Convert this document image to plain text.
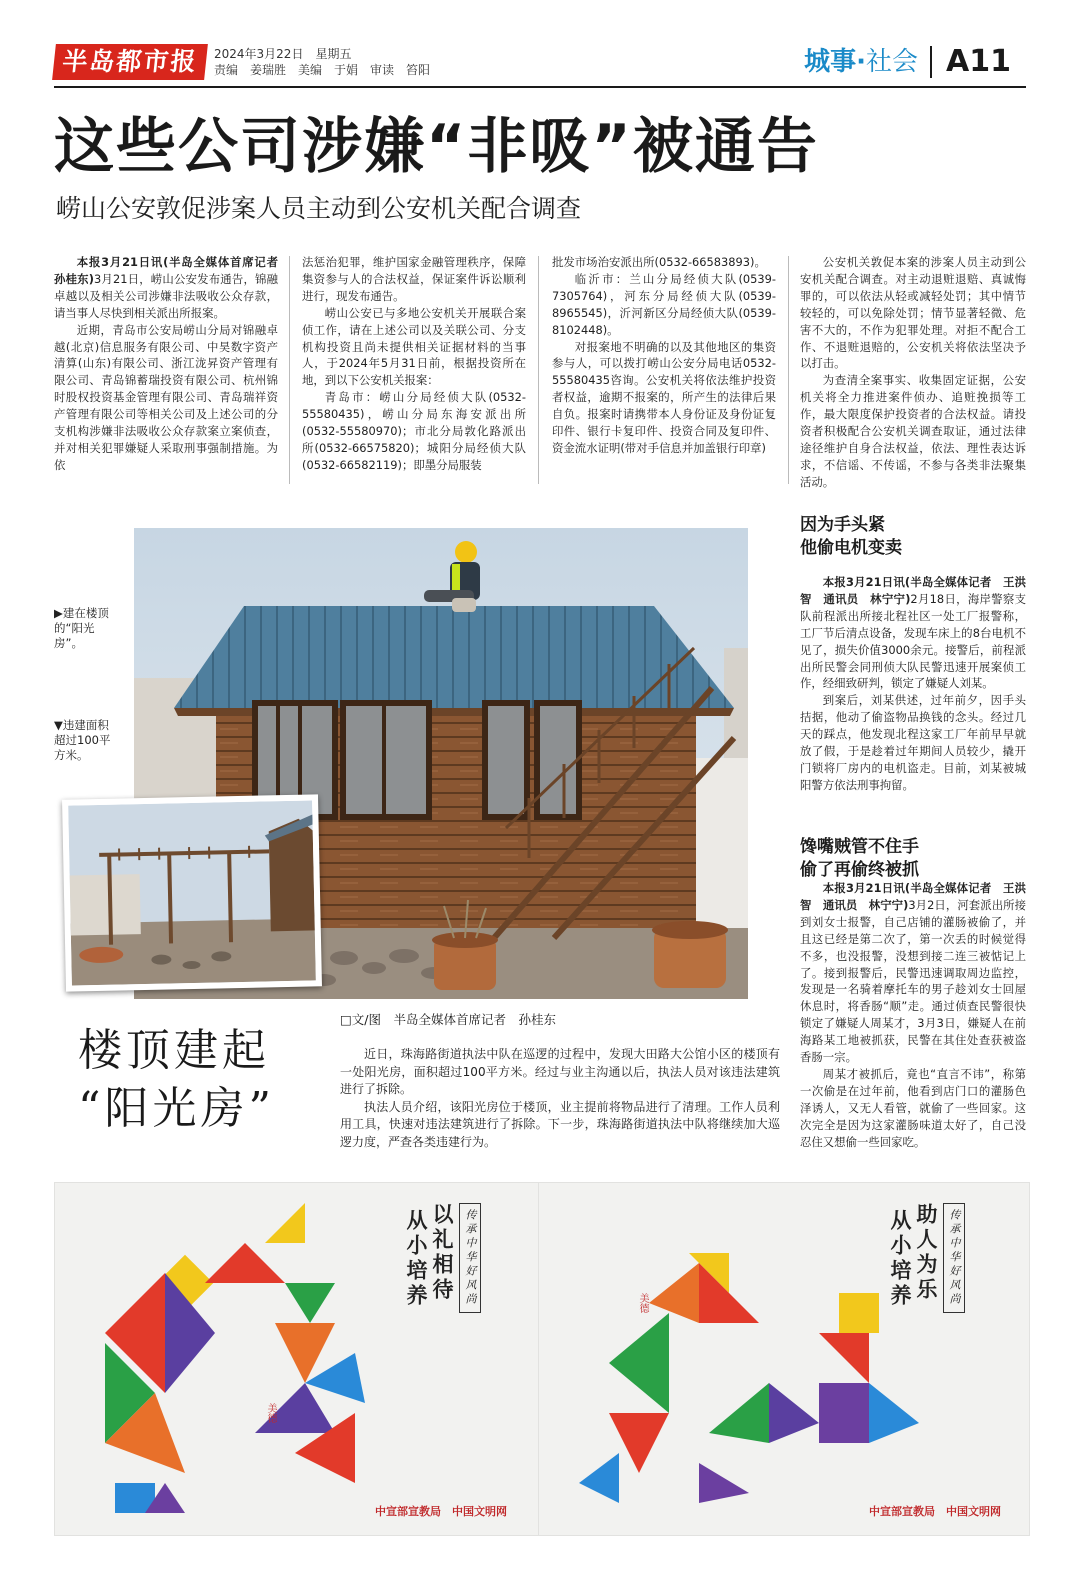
半岛都市报	2024年3月22日　星期五
责编　姜瑞胜　美编　于娟　审读　笞阳	城事·社会 A11
这些公司涉嫌“非吸”被通告
崂山公安敦促涉案人员主动到公安机关配合调查

本报3月21日讯(半岛全媒体首席记者　孙桂东)3月21日，崂山公安发布通告，锦融卓越以及相关公司涉嫌非法吸收公众存款，请当事人尽快到相关派出所报案。

近期，青岛市公安局崂山分局对锦融卓越(北京)信息服务有限公司、中昊数字资产清算(山东)有限公司、浙江泷昇资产管理有限公司、青岛锦蓄瑞投资有限公司、杭州锦时股权投资基金管理有限公司、青岛瑞祥资产管理有限公司等相关公司及上述公司的分支机构涉嫌非法吸收公众存款案立案侦查，并对相关犯罪嫌疑人采取刑事强制措施。为依

法惩治犯罪，维护国家金融管理秩序，保障集资参与人的合法权益，保证案件诉讼顺利进行，现发布通告。

崂山公安已与多地公安机关开展联合案侦工作，请在上述公司以及关联公司、分支机构投资且尚未提供相关证据材料的当事人，于2024年5月31日前，根据投资所在地，到以下公安机关报案：

青岛市：崂山分局经侦大队(0532-55580435)，崂山分局东海安派出所(0532-55580970)；市北分局敦化路派出所(0532-66575820)；城阳分局经侦大队(0532-66582119)；即墨分局服装

批发市场治安派出所(0532-66583893)。

临沂市：兰山分局经侦大队(0539-7305764)，河东分局经侦大队(0539-8965545)，沂河新区分局经侦大队(0539-8102448)。

对报案地不明确的以及其他地区的集资参与人，可以拨打崂山公安分局电话0532-55580435咨询。公安机关将依法维护投资者权益，逾期不报案的，所产生的法律后果自负。报案时请携带本人身份证及身份证复印件、银行卡复印件、投资合同及复印件、资金流水证明(带对手信息并加盖银行印章)

公安机关敦促本案的涉案人员主动到公安机关配合调查。对主动退赃退赔、真诚悔罪的，可以依法从轻或减轻处罚；其中情节较轻的，可以免除处罚；情节显著轻微、危害不大的，不作为犯罪处理。对拒不配合工作、不退赃退赔的，公安机关将依法坚决予以打击。

为查清全案事实、收集固定证据，公安机关将全力推进案件侦办、追赃挽损等工作，最大限度保护投资者的合法权益。请投资者积极配合公安机关调查取证，通过法律途径维护自身合法权益，依法、理性表达诉求，不信谣、不传谣，不参与各类非法聚集活动。

因为手头紧
他偷电机变卖

本报3月21日讯(半岛全媒体记者　王洪智　通讯员　林宁宁)2月18日，海岸警察支队前程派出所接北程社区一处工厂报警称，工厂节后清点设备，发现车床上的8台电机不见了，损失价值3000余元。接警后，前程派出所民警会同刑侦大队民警迅速开展案侦工作，经细致研判，锁定了嫌疑人刘某。

到案后，刘某供述，过年前夕，因手头拮据，他动了偷盗物品换钱的念头。经过几天的踩点，他发现北程这家工厂年前早早就放了假，于是趁着过年期间人员较少，撬开门锁将厂房内的电机盗走。目前，刘某被城阳警方依法刑事拘留。

馋嘴贼管不住手
偷了再偷终被抓

本报3月21日讯(半岛全媒体记者　王洪智　通讯员　林宁宁)3月2日，河套派出所接到刘女士报警，自己店铺的灌肠被偷了，并且这已经是第二次了，第一次丢的时候觉得不多，也没报警，没想到接二连三被惦记上了。接到报警后，民警迅速调取周边监控，发现是一名骑着摩托车的男子趁刘女士回屋休息时，将香肠“顺”走。通过侦查民警很快锁定了嫌疑人周某才，3月3日，嫌疑人在前海路某工地被抓获，民警在其住处查获被盗香肠一宗。

周某才被抓后，竟也“直言不讳”，称第一次偷是在过年前，他看到店门口的灌肠色泽诱人，又无人看管，就偷了一些回家。这次完全是因为这家灌肠味道太好了，自己没忍住又想偷一些回家吃。

▶建在楼顶的“阳光房”。
▼违建面积超过100平方米。
□文/图　半岛全媒体首席记者　孙桂东
楼顶建起
“阳光房”

近日，珠海路街道执法中队在巡逻的过程中，发现大田路大公馆小区的楼顶有一处阳光房，面积超过100平方米。经过与业主沟通以后，执法人员对该违法建筑进行了拆除。

执法人员介绍，该阳光房位于楼顶，业主提前将物品进行了清理。工作人员利用工具，快速对违法建筑进行了拆除。下一步，珠海路街道执法中队将继续加大巡逻力度，严查各类违建行为。

以礼相待
从小培养	传承中华好风尚
美德
中宣部宣教局　中国文明网
助人为乐
从小培养	传承中华好风尚
美德
中宣部宣教局　中国文明网
